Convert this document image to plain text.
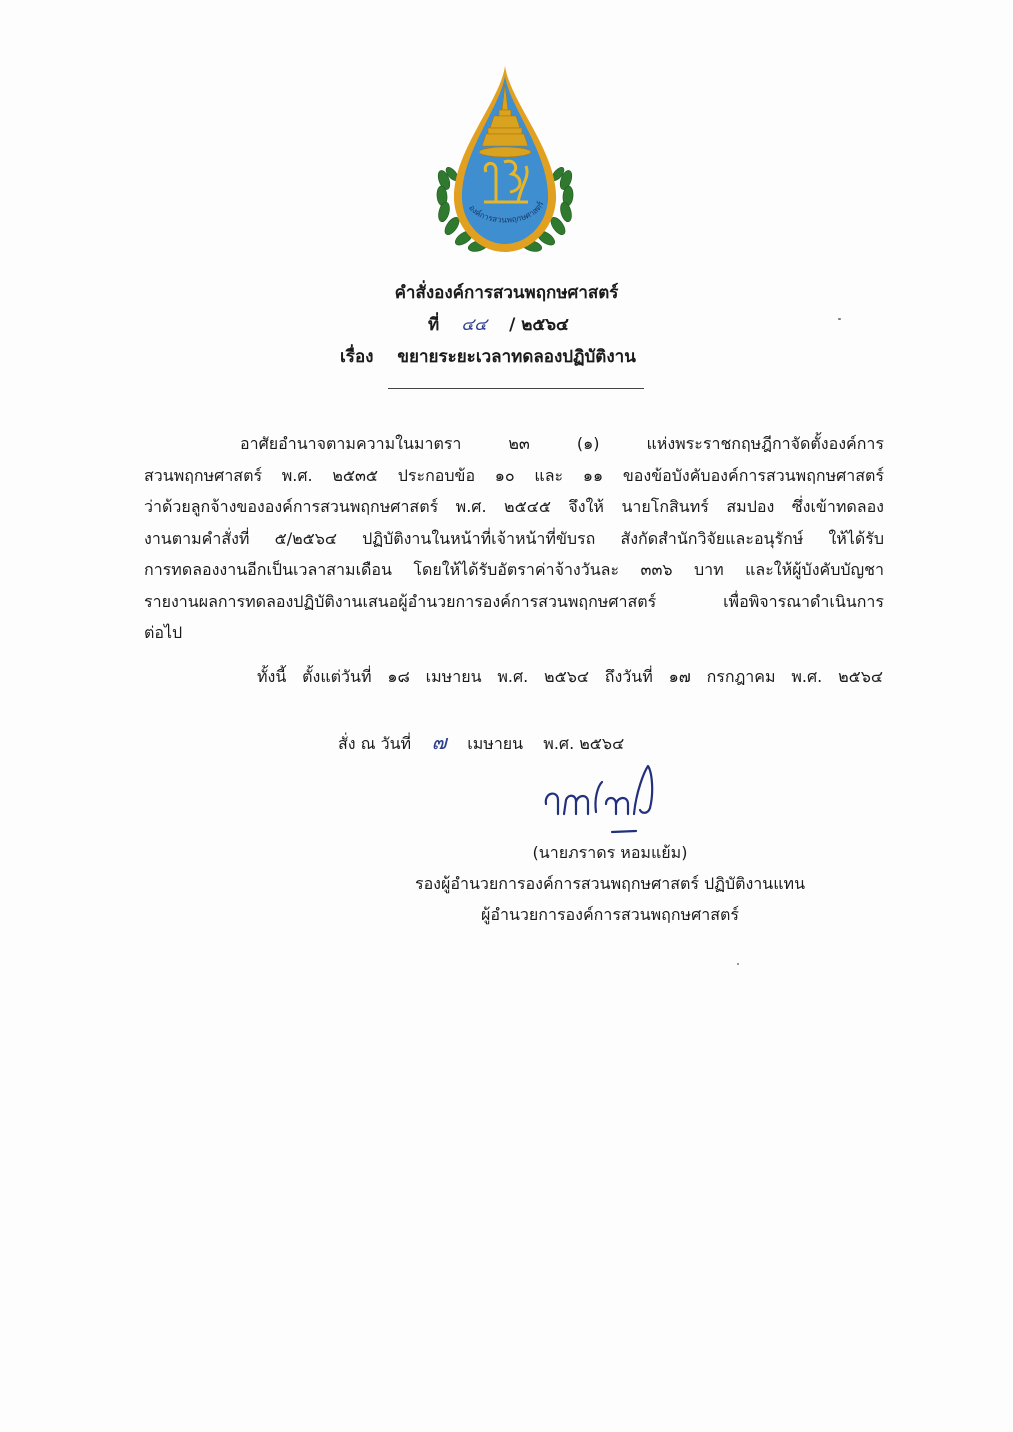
องค์การสวนพฤกษศาสตร์
คำสั่งองค์การสวนพฤกษศาสตร์
ที่ ๔๔ / ๒๕๖๔
เรื่อง ขยายระยะเวลาทดลองปฏิบัติงาน
อาศัยอำนาจตามความในมาตรา ๒๓ (๑) แห่งพระราชกฤษฎีกาจัดตั้งองค์การ
สวนพฤกษศาสตร์ พ.ศ. ๒๕๓๕ ประกอบข้อ ๑๐ และ ๑๑ ของข้อบังคับองค์การสวนพฤกษศาสตร์
ว่าด้วยลูกจ้างขององค์การสวนพฤกษศาสตร์ พ.ศ. ๒๕๔๕ จึงให้ นายโกสินทร์ สมปอง ซึ่งเข้าทดลอง
งานตามคำสั่งที่ ๕/๒๕๖๔ ปฏิบัติงานในหน้าที่เจ้าหน้าที่ขับรถ สังกัดสำนักวิจัยและอนุรักษ์ ให้ได้รับ
การทดลองงานอีกเป็นเวลาสามเดือน โดยให้ได้รับอัตราค่าจ้างวันละ ๓๓๖ บาท และให้ผู้บังคับบัญชา
รายงานผลการทดลองปฏิบัติงานเสนอผู้อำนวยการองค์การสวนพฤกษศาสตร์ เพื่อพิจารณาดำเนินการ
ต่อไป
ทั้งนี้ ตั้งแต่วันที่ ๑๘ เมษายน พ.ศ. ๒๕๖๔ ถึงวันที่ ๑๗ กรกฎาคม พ.ศ. ๒๕๖๔
สั่ง ณ วันที่ ๗ เมษายน พ.ศ. ๒๕๖๔
(นายภราดร หอมแย้ม)
รองผู้อำนวยการองค์การสวนพฤกษศาสตร์ ปฏิบัติงานแทน
ผู้อำนวยการองค์การสวนพฤกษศาสตร์
